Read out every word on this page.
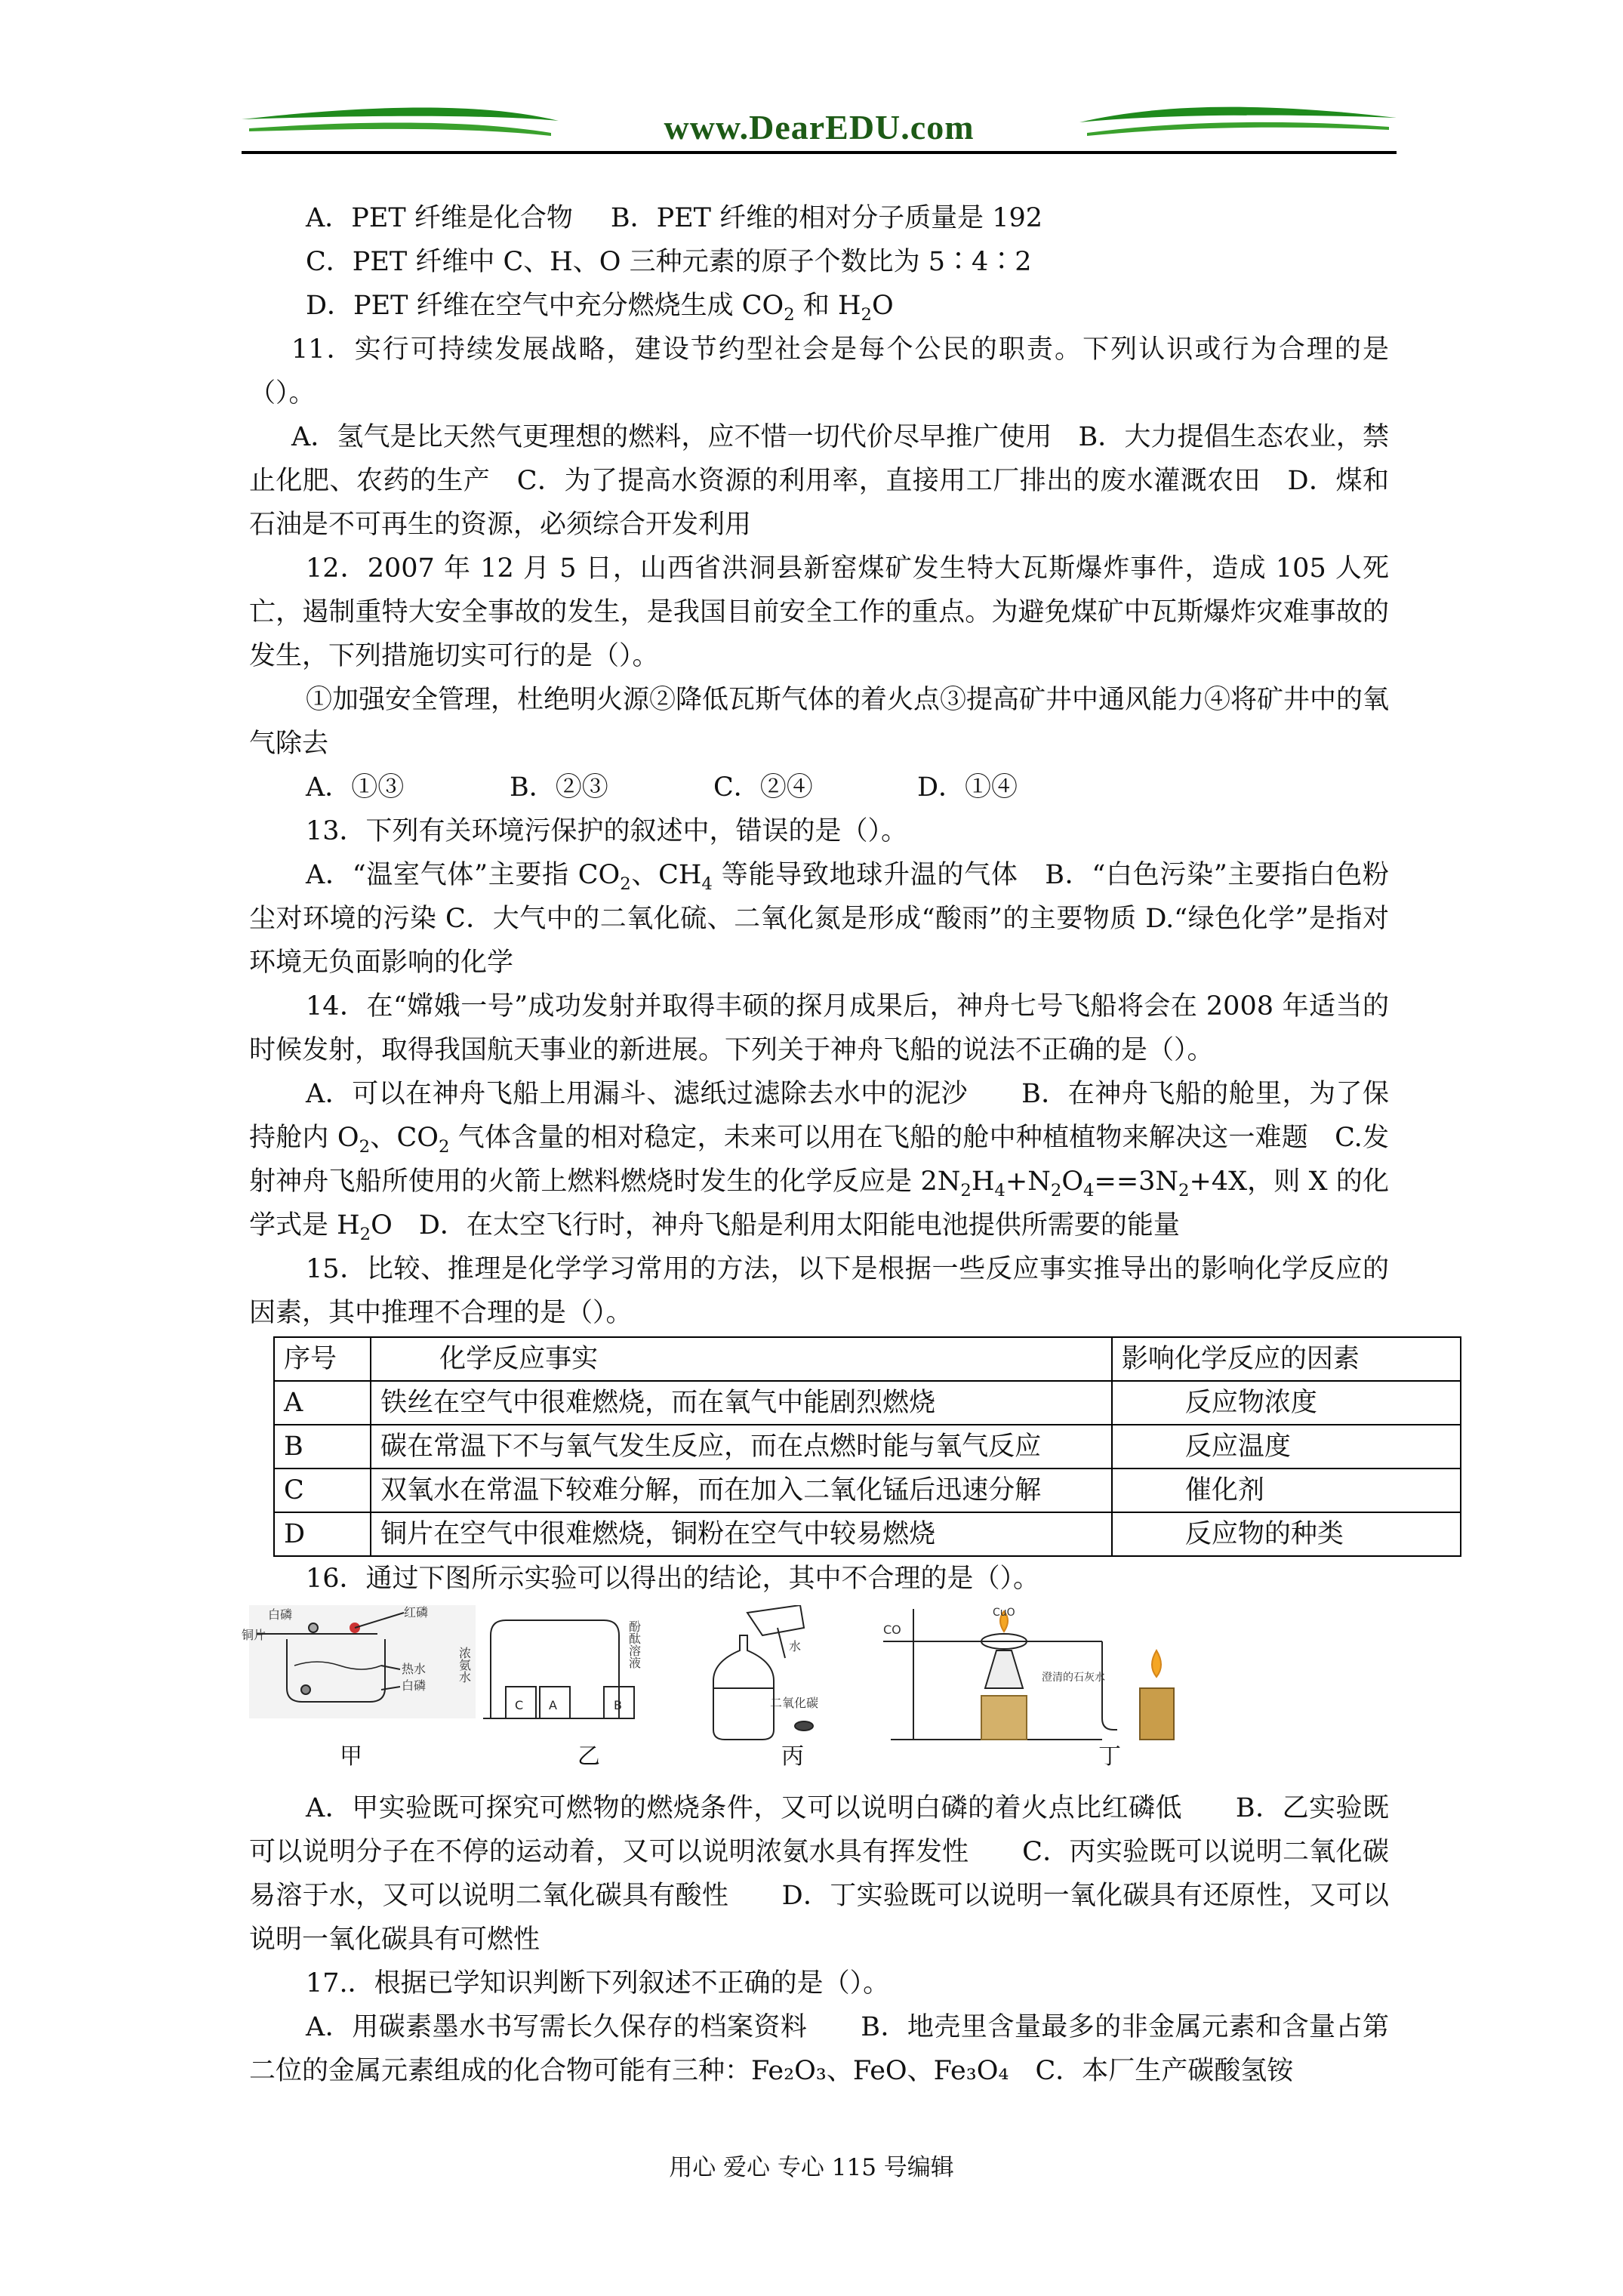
www.DearEDU.com

A．PET 纤维是化合物 B．PET 纤维的相对分子质量是 192

C．PET 纤维中 C、H、O 三种元素的原子个数比为 5∶4∶2

D．PET 纤维在空气中充分燃烧生成 $CO_2$ 和 $H_2O$

11．实行可持续发展战略，建设节约型社会是每个公民的职责。下列认识或行为合理的是（）。

A．氢气是比天然气更理想的燃料，应不惜一切代价尽早推广使用　B．大力提倡生态农业，禁止化肥、农药的生产　C．为了提高水资源的利用率，直接用工厂排出的废水灌溉农田　D．煤和石油是不可再生的资源，必须综合开发利用

12．2007 年 12 月 5 日，山西省洪洞县新窑煤矿发生特大瓦斯爆炸事件，造成 105 人死亡，遏制重特大安全事故的发生，是我国目前安全工作的重点。为避免煤矿中瓦斯爆炸灾难事故的发生，下列措施切实可行的是（）。

①加强安全管理，杜绝明火源②降低瓦斯气体的着火点③提高矿井中通风能力④将矿井中的氧气除去

A．①③	B．②③	C．②④	D．①④

13．下列有关环境污保护的叙述中，错误的是（）。

A．“温室气体”主要指 $CO_2$、$CH_4$ 等能导致地球升温的气体　B．“白色污染”主要指白色粉尘对环境的污染 C．大气中的二氧化硫、二氧化氮是形成“酸雨”的主要物质 D.“绿色化学”是指对环境无负面影响的化学

14．在“嫦娥一号”成功发射并取得丰硕的探月成果后，神舟七号飞船将会在 2008 年适当的时候发射，取得我国航天事业的新进展。下列关于神舟飞船的说法不正确的是（）。

A．可以在神舟飞船上用漏斗、滤纸过滤除去水中的泥沙　　B．在神舟飞船的舱里，为了保持舱内 $O_2$、$CO_2$ 气体含量的相对稳定，未来可以用在飞船的舱中种植植物来解决这一难题　C.发射神舟飞船所使用的火箭上燃料燃烧时发生的化学反应是 $2N_2H_4+N_2O_4==3N_2+4X$，则 X 的化学式是 $H_2O$　D．在太空飞行时，神舟飞船是利用太阳能电池提供所需要的能量

15．比较、推理是化学学习常用的方法，以下是根据一些反应事实推导出的影响化学反应的因素，其中推理不合理的是（）。

序号	化学反应事实	影响化学反应的因素
A	铁丝在空气中很难燃烧，而在氧气中能剧烈燃烧	反应物浓度
B	碳在常温下不与氧气发生反应，而在点燃时能与氧气反应	反应温度
C	双氧水在常温下较难分解，而在加入二氧化锰后迅速分解	催化剂
D	铜片在空气中很难燃烧，铜粉在空气中较易燃烧	反应物的种类

16．通过下图所示实验可以得出的结论，其中不合理的是（）。

白磷	红磷
铜片
热水
白磷
甲
C A	B
浓氨水	酚酞溶液
乙
水
二氧化碳
丙
CO
CuO
澄清的石灰水
丁

A．甲实验既可探究可燃物的燃烧条件，又可以说明白磷的着火点比红磷低　　B．乙实验既可以说明分子在不停的运动着，又可以说明浓氨水具有挥发性　　C．丙实验既可以说明二氧化碳易溶于水，又可以说明二氧化碳具有酸性　　D．丁实验既可以说明一氧化碳具有还原性，又可以说明一氧化碳具有可燃性

17.．根据已学知识判断下列叙述不正确的是（）。

A．用碳素墨水书写需长久保存的档案资料　　B．地壳里含量最多的非金属元素和含量占第二位的金属元素组成的化合物可能有三种：Fe₂O₃、FeO、Fe₃O₄　C．本厂生产碳酸氢铵

用心 爱心 专心 115 号编辑
